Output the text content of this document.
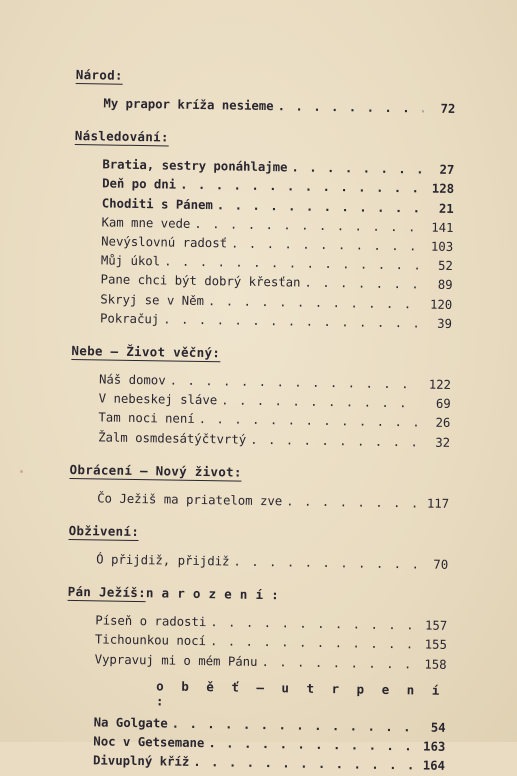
Národ:
My prapor kríža nesieme . . .	72
Následování:
Bratia, sestry ponáhlajme . . .	27
Deň po dni . . .	128
Choditi s Pánem . . .	21
Kam mne vede . . .	141
Nevýslovnú radosť . . .	103
Můj úkol . . .	52
Pane chci být dobrý křesťan . . .	89
Skryj se v Něm . . .	120
Pokračuj . . .	39
Nebe – Život věčný:
Náš domov . . .	122
V nebeskej sláve . . .	69
Tam noci není . . .	26
Žalm osmdesátýčtvrtý . . .	32
Obrácení – Nový život:
Čo Ježiš ma priatelom zve . . .	117
Obživení:
Ó přijdiž, přijdiž . . .	70
Pán Ježíš:n a r o z e n í :
Píseň o radosti . . .	157
Tichounkou nocí . . .	155
Vypravuj mi o mém Pánu . . .	158
o b ě ť – u t r p e n í :
Na Golgate . . .	54
Noc v Getsemane . . .	163
Divuplný kříž . . .	164
